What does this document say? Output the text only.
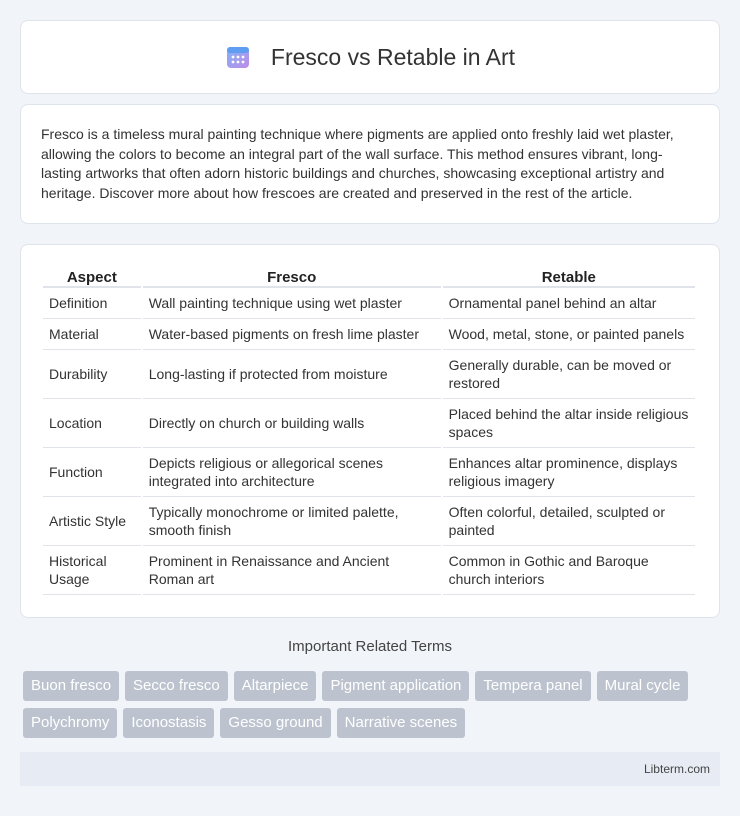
Fresco vs Retable in Art

Fresco is a timeless mural painting technique where pigments are applied onto freshly laid wet plaster, allowing the colors to become an integral part of the wall surface. This method ensures vibrant, long-lasting artworks that often adorn historic buildings and churches, showcasing exceptional artistry and heritage. Discover more about how frescoes are created and preserved in the rest of the article.

Aspect	Fresco	Retable
Definition	Wall painting technique using wet plaster	Ornamental panel behind an altar
Material	Water-based pigments on fresh lime plaster	Wood, metal, stone, or painted panels
Durability	Long-lasting if protected from moisture	Generally durable, can be moved or restored
Location	Directly on church or building walls	Placed behind the altar inside religious spaces
Function	Depicts religious or allegorical scenes integrated into architecture	Enhances altar prominence, displays religious imagery
Artistic Style	Typically monochrome or limited palette, smooth finish	Often colorful, detailed, sculpted or painted
Historical Usage	Prominent in Renaissance and Ancient Roman art	Common in Gothic and Baroque church interiors
Important Related Terms
Buon fresco	Secco fresco	Altarpiece	Pigment application	Tempera panel	Mural cycle
Polychromy	Iconostasis	Gesso ground	Narrative scenes
Libterm.com
